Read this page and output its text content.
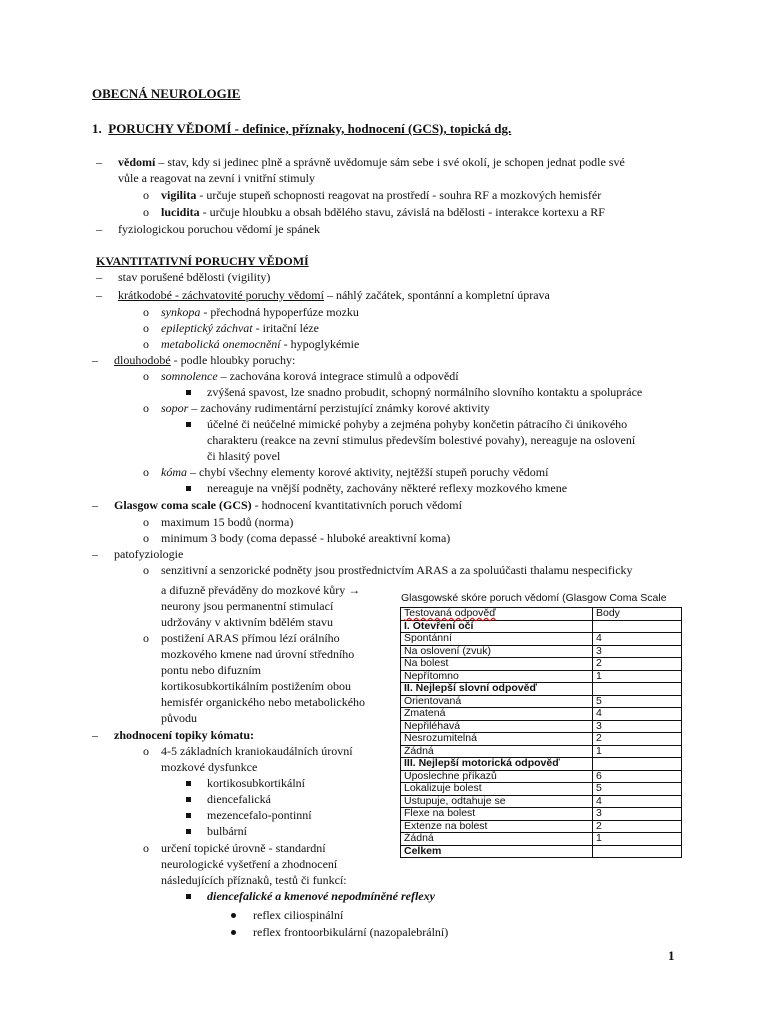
OBECNÁ NEUROLOGIE
1. PORUCHY VĚDOMÍ - definice, příznaky, hodnocení (GCS), topická dg.
– vědomí – stav, kdy si jedinec plně a správně uvědomuje sám sebe i své okolí, je schopen jednat podle své
vůle a reagovat na zevní i vnitřní stimuly
o vigilita - určuje stupeň schopnosti reagovat na prostředí - souhra RF a mozkových hemisfér
o lucidita - určuje hloubku a obsah bdělého stavu, závislá na bdělosti - interakce kortexu a RF
– fyziologickou poruchou vědomí je spánek
KVANTITATIVNÍ PORUCHY VĚDOMÍ
– stav porušené bdělosti (vigility)
– krátkodobé - záchvatovité poruchy vědomí – náhlý začátek, spontánní a kompletní úprava
o synkopa - přechodná hypoperfúze mozku
o epileptický záchvat - iritační léze
o metabolická onemocnění - hypoglykémie
– dlouhodobé - podle hloubky poruchy:
o somnolence – zachována korová integrace stimulů a odpovědí
zvýšená spavost, lze snadno probudit, schopný normálního slovního kontaktu a spolupráce
o sopor – zachovány rudimentární perzistující známky korové aktivity
účelné či neúčelné mimické pohyby a zejména pohyby končetin pátracího či únikového
charakteru (reakce na zevní stimulus především bolestivé povahy), nereaguje na oslovení
či hlasitý povel
o kóma – chybí všechny elementy korové aktivity, nejtěžší stupeň poruchy vědomí
nereaguje na vnější podněty, zachovány některé reflexy mozkového kmene
– Glasgow coma scale (GCS) - hodnocení kvantitativních poruch vědomí
o maximum 15 bodů (norma)
o minimum 3 body (coma depassé - hluboké areaktivní koma)
– patofyziologie
o senzitivní a senzorické podněty jsou prostřednictvím ARAS a za spoluúčasti thalamu nespecificky
a difuzně převáděny do mozkové kůry →
neurony jsou permanentní stimulací
udržovány v aktivním bdělém stavu
o postižení ARAS přímou lézí orálního
mozkového kmene nad úrovní středního
pontu nebo difuzním
kortikosubkortikálním postižením obou
hemisfér organického nebo metabolického
původu
– zhodnocení topiky kómatu:
o 4-5 základních kraniokaudálních úrovní
mozkové dysfunkce
kortikosubkortikální
diencefalická
mezencefalo-pontinní
bulbární
o určení topické úrovně - standardní
neurologické vyšetření a zhodnocení
následujících příznaků, testů či funkcí:
diencefalické a kmenové nepodmíněné reflexy
reflex ciliospinální
reflex frontoorbikulární (nazopalebrální)
Glasgowské skóre poruch vědomí (Glasgow Coma Scale
Testovaná odpověď	Body
I. Otevření očí	
Spontánní	4
Na oslovení (zvuk)	3
Na bolest	2
Nepřítomno	1
II. Nejlepší slovní odpověď	
Orientovaná	5
Zmatená	4
Nepřiléhavá	3
Nesrozumitelná	2
Žádná	1
III. Nejlepší motorická odpověď	
Uposlechne příkazů	6
Lokalizuje bolest	5
Ustupuje, odtahuje se	4
Flexe na bolest	3
Extenze na bolest	2
Žádná	1
Celkem	
1
